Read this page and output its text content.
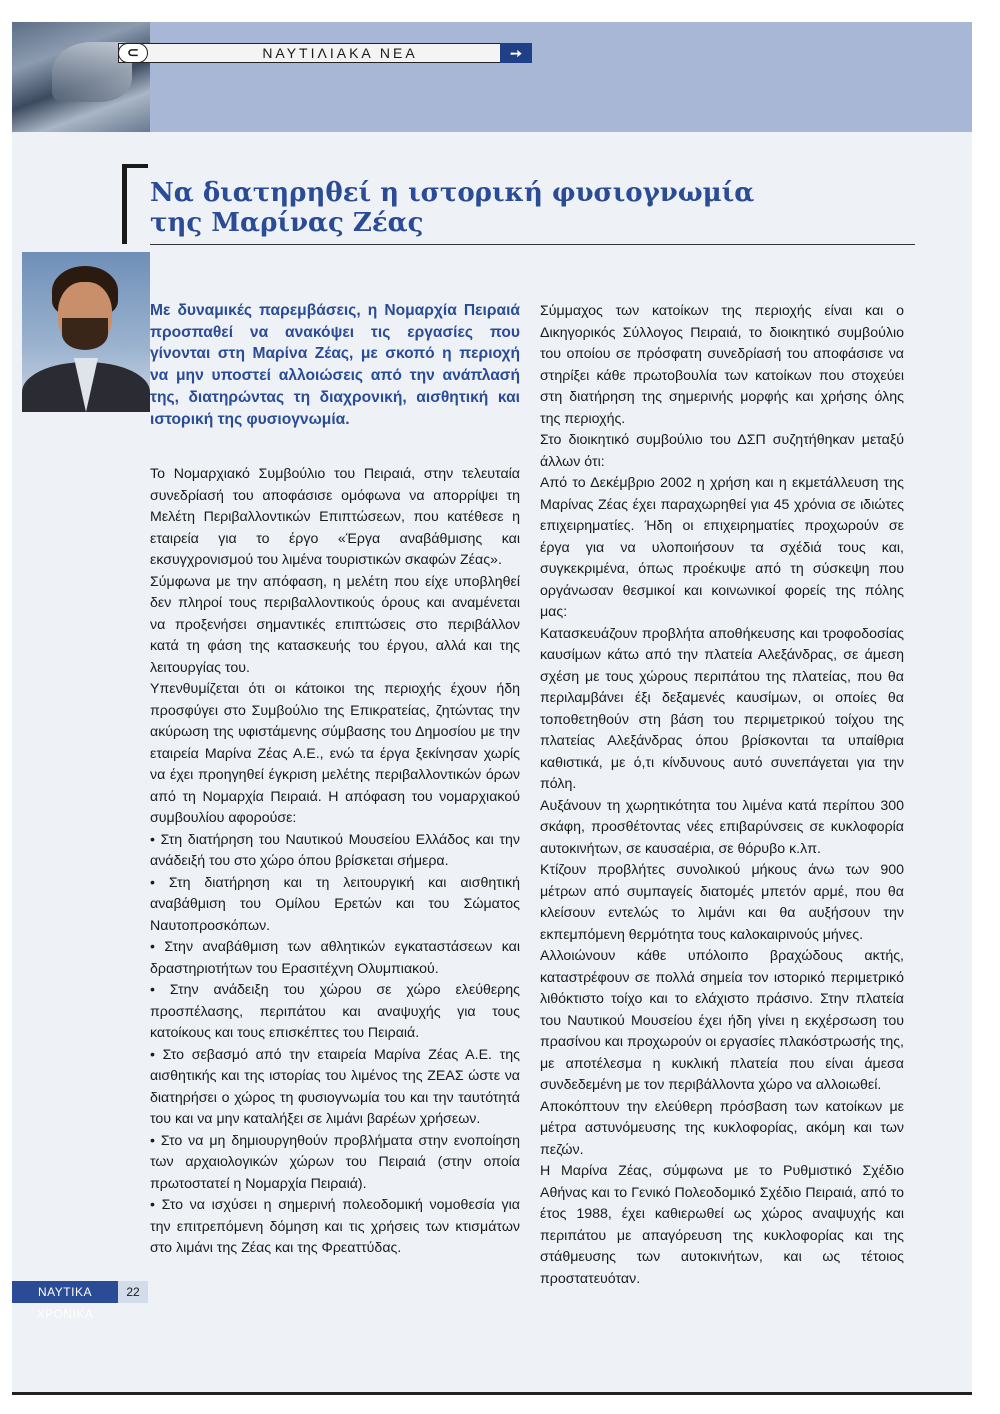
⊂	ΝΑΥΤΙΛΙΑΚΑ ΝΕΑ	➙
Να διατηρηθεί η ιστορική φυσιογνωμία
της Μαρίνας Ζέας

Με δυναμικές παρεμβάσεις, η Νομαρχία Πειραιά προσπαθεί να ανακόψει τις εργασίες που γίνονται στη Μαρίνα Ζέας, με σκοπό η περιοχή να μην υποστεί αλλοιώσεις από την ανάπλασή της, διατηρώντας τη διαχρονική, αισθητική και ιστορική της φυσιογνωμία.

Το Νομαρχιακό Συμβούλιο του Πειραιά, στην τελευταία συνεδρίασή του αποφάσισε ομόφωνα να απορρίψει τη Μελέτη Περιβαλλοντικών Επιπτώσεων, που κατέθεσε η εταιρεία για το έργο «Έργα αναβάθμισης και εκσυγχρονισμού του λιμένα τουριστικών σκαφών Ζέας».

Σύμφωνα με την απόφαση, η μελέτη που είχε υποβληθεί δεν πληροί τους περιβαλλοντικούς όρους και αναμένεται να προξενήσει σημαντικές επιπτώσεις στο περιβάλλον κατά τη φάση της κατασκευής του έργου, αλλά και της λειτουργίας του.

Υπενθυμίζεται ότι οι κάτοικοι της περιοχής έχουν ήδη προσφύγει στο Συμβούλιο της Επικρατείας, ζητώντας την ακύρωση της υφιστάμενης σύμβασης του Δημοσίου με την εταιρεία Μαρίνα Ζέας Α.Ε., ενώ τα έργα ξεκίνησαν χωρίς να έχει προηγηθεί έγκριση μελέτης περιβαλλοντικών όρων από τη Νομαρχία Πειραιά. Η απόφαση του νομαρχιακού συμβουλίου αφορούσε:

• Στη διατήρηση του Ναυτικού Μουσείου Ελλάδος και την ανάδειξή του στο χώρο όπου βρίσκεται σήμερα.

• Στη διατήρηση και τη λειτουργική και αισθητική αναβάθμιση του Ομίλου Ερετών και του Σώματος Ναυτοπροσκόπων.

• Στην αναβάθμιση των αθλητικών εγκαταστάσεων και δραστηριοτήτων του Ερασιτέχνη Ολυμπιακού.

• Στην ανάδειξη του χώρου σε χώρο ελεύθερης προσπέλασης, περιπάτου και αναψυχής για τους κατοίκους και τους επισκέπτες του Πειραιά.

• Στο σεβασμό από την εταιρεία Μαρίνα Ζέας Α.Ε. της αισθητικής και της ιστορίας του λιμένος της ΖΕΑΣ ώστε να διατηρήσει ο χώρος τη φυσιογνωμία του και την ταυτότητά του και να μην καταλήξει σε λιμάνι βαρέων χρήσεων.

• Στο να μη δημιουργηθούν προβλήματα στην ενοποίηση των αρχαιολογικών χώρων του Πειραιά (στην οποία πρωτοστατεί η Νομαρχία Πειραιά).

• Στο να ισχύσει η σημερινή πολεοδομική νομοθεσία για την επιτρεπόμενη δόμηση και τις χρήσεις των κτισμάτων στο λιμάνι της Ζέας και της Φρεαττύδας.

Σύμμαχος των κατοίκων της περιοχής είναι και ο Δικηγορικός Σύλλογος Πειραιά, το διοικητικό συμβούλιο του οποίου σε πρόσφατη συνεδρίασή του αποφάσισε να στηρίξει κάθε πρωτοβουλία των κατοίκων που στοχεύει στη διατήρηση της σημερινής μορφής και χρήσης όλης της περιοχής.

Στο διοικητικό συμβούλιο του ΔΣΠ συζητήθηκαν μεταξύ άλλων ότι:

Από το Δεκέμβριο 2002 η χρήση και η εκμετάλλευση της Μαρίνας Ζέας έχει παραχωρηθεί για 45 χρόνια σε ιδιώτες επιχειρηματίες. Ήδη οι επιχειρηματίες προχωρούν σε έργα για να υλοποιήσουν τα σχέδιά τους και, συγκεκριμένα, όπως προέκυψε από τη σύσκεψη που οργάνωσαν θεσμικοί και κοινωνικοί φορείς της πόλης μας:

Κατασκευάζουν προβλήτα αποθήκευσης και τροφοδοσίας καυσίμων κάτω από την πλατεία Αλεξάνδρας, σε άμεση σχέση με τους χώρους περιπάτου της πλατείας, που θα περιλαμβάνει έξι δεξαμενές καυσίμων, οι οποίες θα τοποθετηθούν στη βάση του περιμετρικού τοίχου της πλατείας Αλεξάνδρας όπου βρίσκονται τα υπαίθρια καθιστικά, με ό,τι κίνδυνους αυτό συνεπάγεται για την πόλη.

Αυξάνουν τη χωρητικότητα του λιμένα κατά περίπου 300 σκάφη, προσθέτοντας νέες επιβαρύνσεις σε κυκλοφορία αυτοκινήτων, σε καυσαέρια, σε θόρυβο κ.λπ.

Κτίζουν προβλήτες συνολικού μήκους άνω των 900 μέτρων από συμπαγείς διατομές μπετόν αρμέ, που θα κλείσουν εντελώς το λιμάνι και θα αυξήσουν την εκπεμπόμενη θερμότητα τους καλοκαιρινούς μήνες.

Αλλοιώνουν κάθε υπόλοιπο βραχώδους ακτής, καταστρέφουν σε πολλά σημεία τον ιστορικό περιμετρικό λιθόκτιστο τοίχο και το ελάχιστο πράσινο. Στην πλατεία του Ναυτικού Μουσείου έχει ήδη γίνει η εκχέρσωση του πρασίνου και προχωρούν οι εργασίες πλακόστρωσής της, με αποτέλεσμα η κυκλική πλατεία που είναι άμεσα συνδεδεμένη με τον περιβάλλοντα χώρο να αλλοιωθεί.

Αποκόπτουν την ελεύθερη πρόσβαση των κατοίκων με μέτρα αστυνόμευσης της κυκλοφορίας, ακόμη και των πεζών.

Η Μαρίνα Ζέας, σύμφωνα με το Ρυθμιστικό Σχέδιο Αθήνας και το Γενικό Πολεοδομικό Σχέδιο Πειραιά, από το έτος 1988, έχει καθιερωθεί ως χώρος αναψυχής και περιπάτου με απαγόρευση της κυκλοφορίας και της στάθμευσης των αυτοκινήτων, και ως τέτοιος προστατευόταν.

ΝΑΥΤΙΚΑ ΧΡΟΝΙΚΑ
22
